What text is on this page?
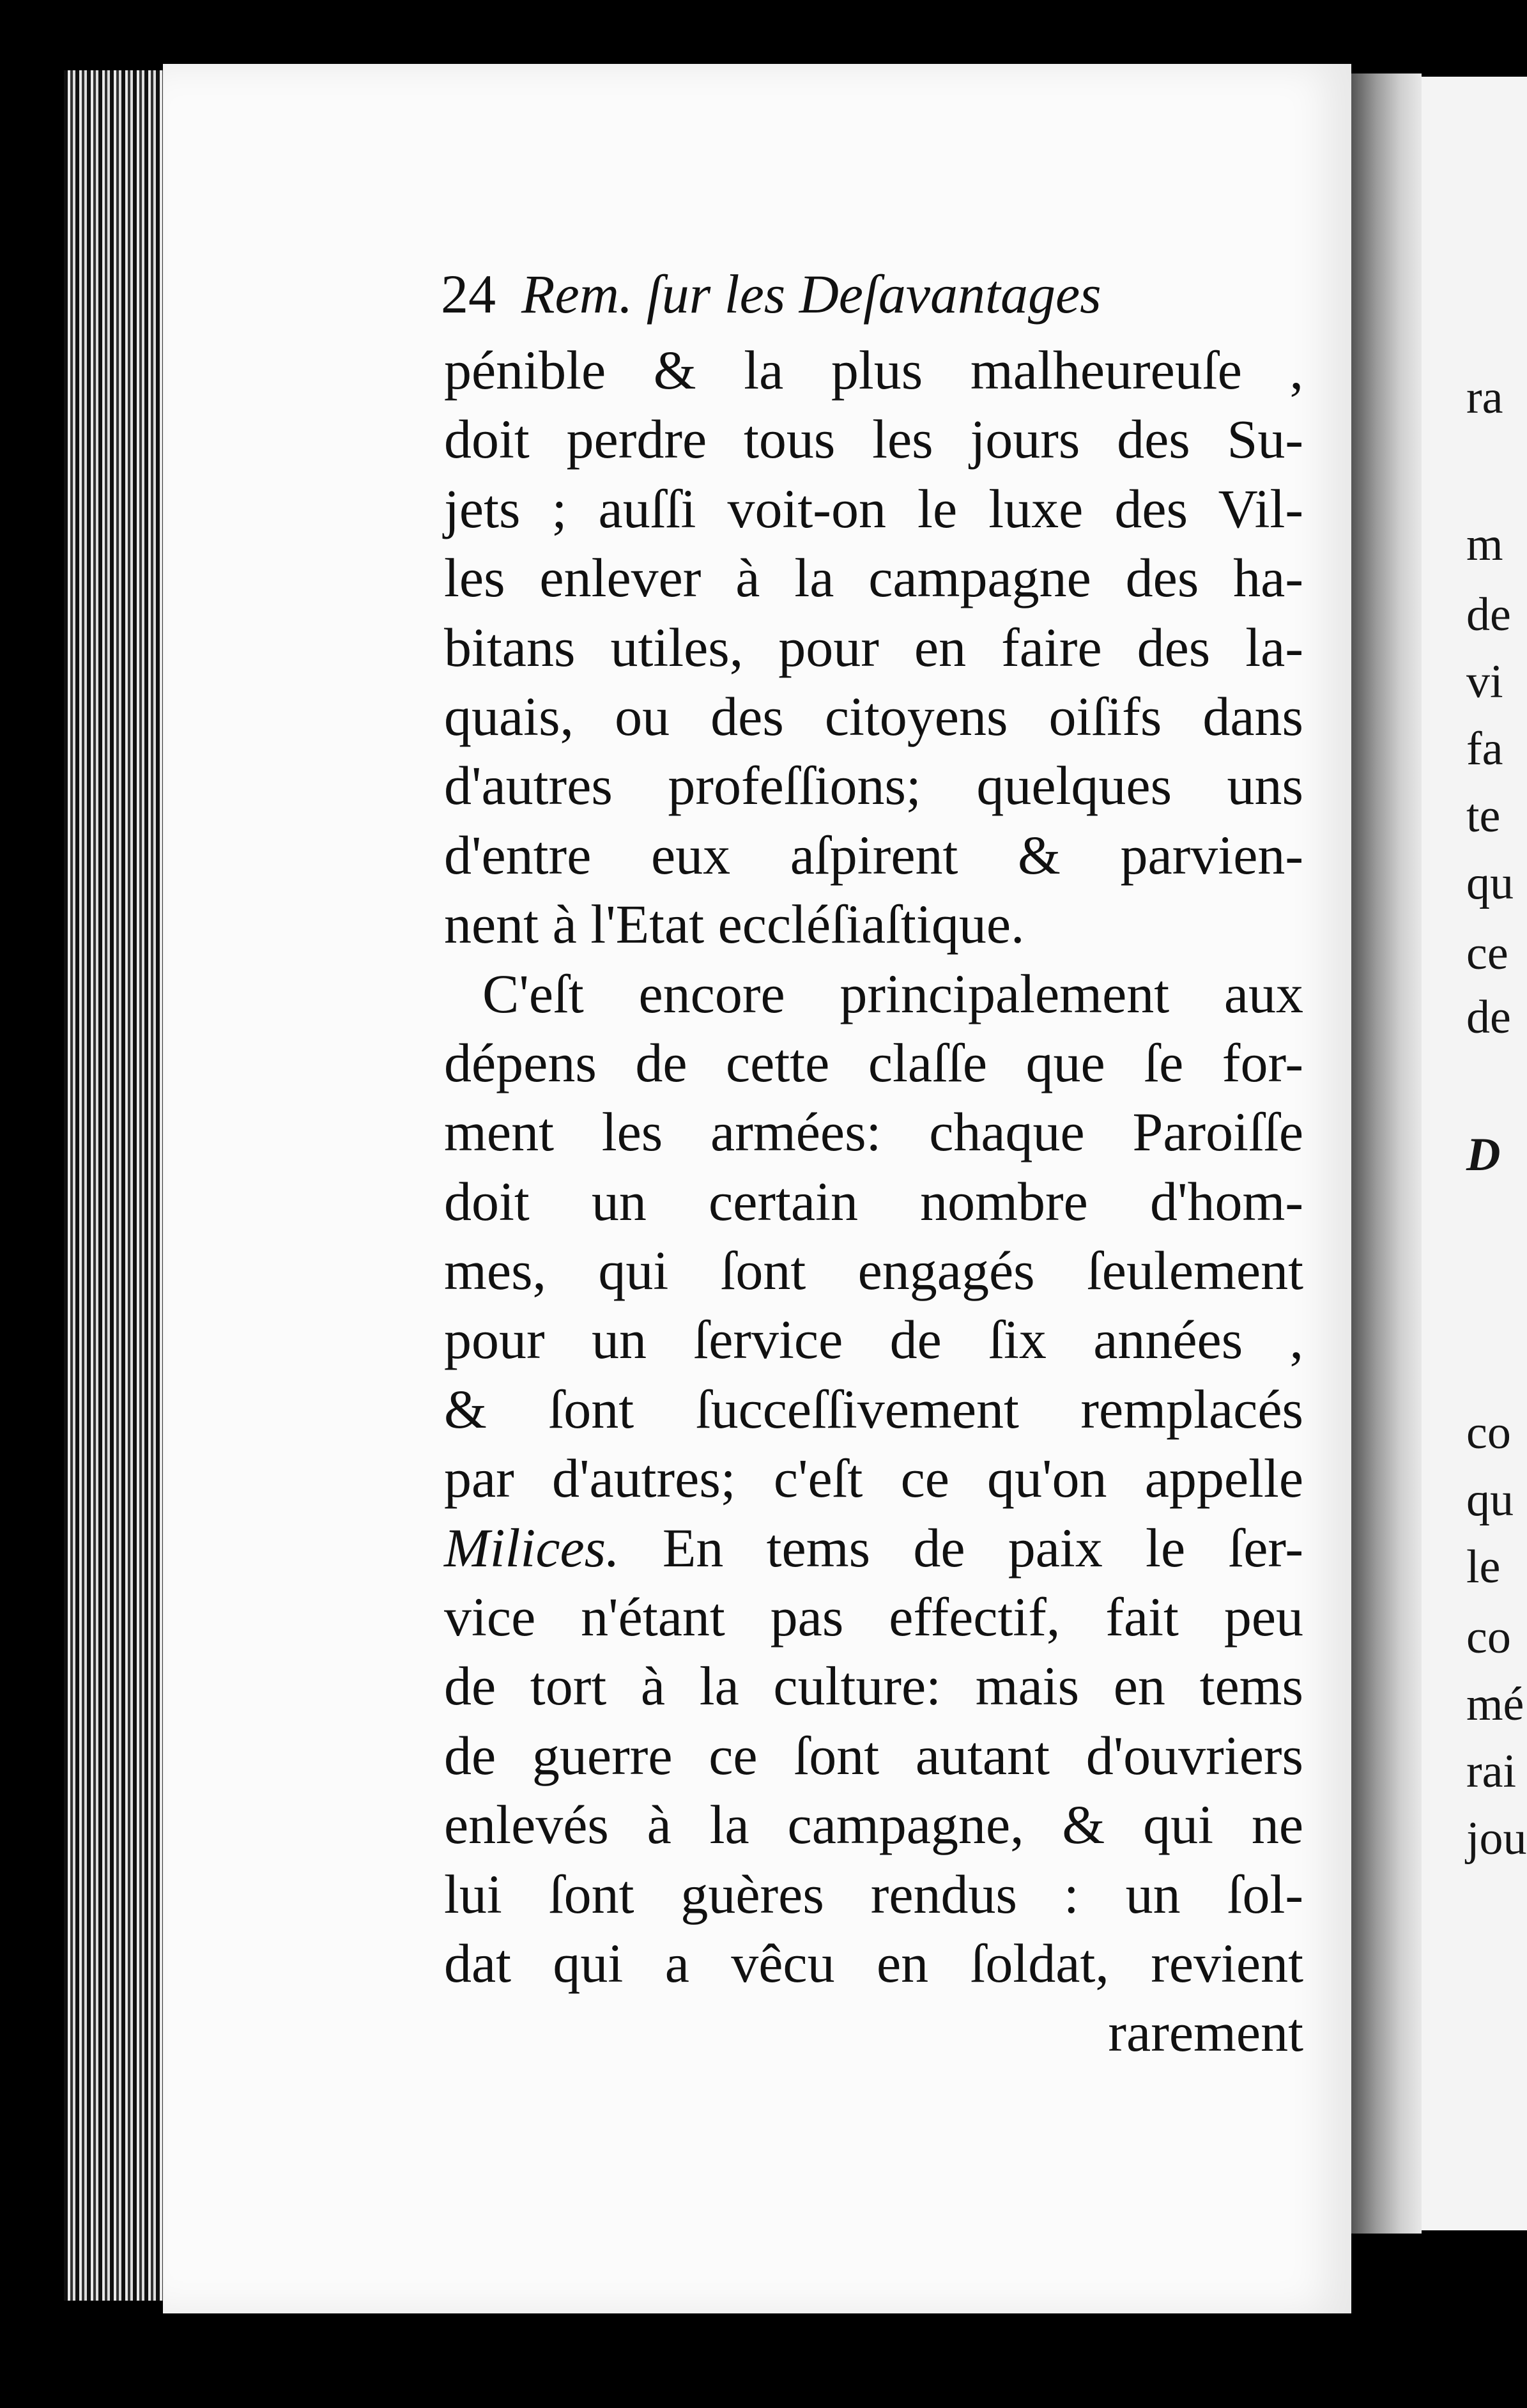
ra
m
de
vi
fa
te
qu
ce
de
D
co
qu
le
co
mé
rai
jou
24 Rem. ſur les Deſavantages
pénible & la plus malheureuſe ,
doit perdre tous les jours des Su-
jets ; auſſi voit-on le luxe des Vil-
les enlever à la campagne des ha-
bitans utiles, pour en faire des la-
quais, ou des citoyens oiſifs dans
d'autres profeſſions; quelques uns
d'entre eux aſpirent & parvien-
nent à l'Etat eccléſiaſtique.
C'eſt encore principalement aux
dépens de cette claſſe que ſe for-
ment les armées: chaque Paroiſſe
doit un certain nombre d'hom-
mes, qui ſont engagés ſeulement
pour un ſervice de ſix années ,
& ſont ſucceſſivement remplacés
par d'autres; c'eſt ce qu'on appelle
Milices. En tems de paix le ſer-
vice n'étant pas effectif, fait peu
de tort à la culture: mais en tems
de guerre ce ſont autant d'ouvriers
enlevés à la campagne, & qui ne
lui ſont guères rendus : un ſol-
dat qui a vêcu en ſoldat, revient
rarement
